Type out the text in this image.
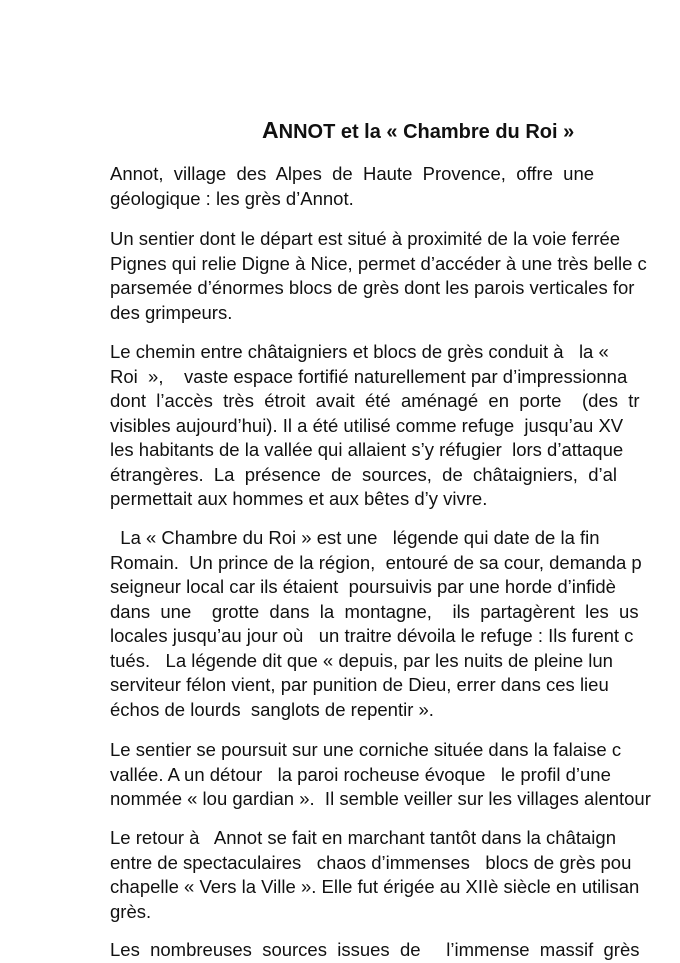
ANNOT et la « Chambre du Roi »
Annot,  village  des  Alpes  de  Haute  Provence,  offre  une
géologique : les grès d’Annot.
Un sentier dont le départ est situé à proximité de la voie ferrée
Pignes qui relie Digne à Nice, permet d’accéder à une très belle c
parsemée d’énormes blocs de grès dont les parois verticales for
des grimpeurs.
Le chemin entre châtaigniers et blocs de grès conduit à   la «
Roi  »,    vaste espace fortifié naturellement par d’impressionna
dont  l’accès  très  étroit  avait  été  aménagé  en  porte    (des  tr
visibles aujourd’hui). Il a été utilisé comme refuge  jusqu’au XV
les habitants de la vallée qui allaient s’y réfugier  lors d’attaque
étrangères.  La  présence  de  sources,  de  châtaigniers,  d’al
permettait aux hommes et aux bêtes d’y vivre.
La « Chambre du Roi » est une   légende qui date de la fin
Romain.  Un prince de la région,  entouré de sa cour, demanda p
seigneur local car ils étaient  poursuivis par une horde d’infidè
dans  une    grotte  dans  la  montagne,    ils  partagèrent  les  us
locales jusqu’au jour où   un traitre dévoila le refuge : Ils furent c
tués.   La légende dit que « depuis, par les nuits de pleine lun
serviteur félon vient, par punition de Dieu, errer dans ces lieu
échos de lourds  sanglots de repentir ».
Le sentier se poursuit sur une corniche située dans la falaise c
vallée. A un détour   la paroi rocheuse évoque   le profil d’une
nommée « lou gardian ».  Il semble veiller sur les villages alentour
Le retour à   Annot se fait en marchant tantôt dans la châtaign
entre de spectaculaires   chaos d’immenses   blocs de grès pou
chapelle « Vers la Ville ». Elle fut érigée au XIIè siècle en utilisan
grès.
Les  nombreuses  sources  issues  de     l’immense  massif  grès
